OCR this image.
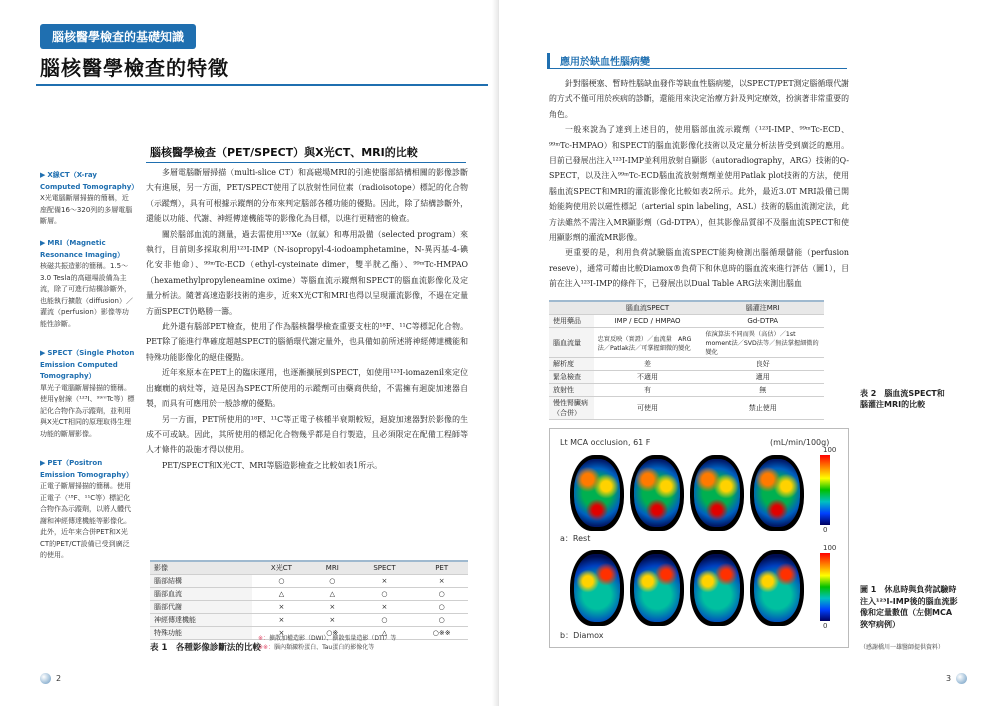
腦核醫學檢查的基礎知識
腦核醫學檢查的特徵
▶ X線CT（X-ray Computed Tomography）
X光電腦斷層掃描的簡稱，近座配備16～320列的多層電腦斷層。
▶ MRI（Magnetic Resonance Imaging）
核磁共振造影的簡稱。1.5～3.0 Tesla的高磁場設備為主流，除了可進行結構診斷外，也能執行擴散（diffusion）／灌流（perfusion）影像等功能性診斷。
▶ SPECT（Single Photon Emission Computed Tomography）
單光子電腦斷層掃描的簡稱。使用γ射線（¹²³I、⁹⁹ᵐTc等）標記化合物作為示蹤劑，並利用與X光CT相同的原理取得生理功能的斷層影像。
▶ PET（Positron Emission Tomography）
正電子斷層掃描的簡稱。使用正電子（¹⁸F、¹¹C等）標記化合物作為示蹤劑，以將人體代謝和神經傳達機能等影像化。此外，近年來合併PET和X光CT的PET/CT設備已受到廣泛的使用。
腦核醫學檢查（PET/SPECT）與X光CT、MRI的比較

多層電腦斷層掃描（multi-slice CT）和高磁場MRI的引進使腦部結構相關的影像診斷大有進展，另一方面，PET/SPECT使用了以放射性同位素（radioisotope）標記的化合物（示蹤劑），具有可根據示蹤劑的分布來判定腦部各種功能的優點。因此，除了結構診斷外，還能以功能、代謝、神經傳達機能等的影像化為目標，以進行更精密的檢查。

關於腦部血流的測量，過去需使用¹³³Xe（氙氣）和專用設備（selected program）來執行，目前則多採取利用¹²³I-IMP（N-isopropyl-4-iodoamphetamine，N-異丙基-4-碘化安非他命）、⁹⁹ᵐTc-ECD（ethyl-cysteinate dimer，雙半胱乙酯）、⁹⁹ᵐTc-HMPAO（hexamethylpropyleneamine oxime）等腦血流示蹤劑和SPECT的腦血流影像化及定量分析法。隨著高速造影技術的進步，近來X光CT和MRI也得以呈現灌流影像，不過在定量方面SPECT仍略勝一籌。

此外還有腦部PET檢查，使用了作為腦核醫學檢查重要支柱的¹⁸F、¹¹C等標記化合物。PET除了能進行準確度超越SPECT的腦循環代謝定量外，也具備如前所述將神經傳達機能和特殊功能影像化的絕佳優點。

近年來原本在PET上的臨床運用，也逐漸擴展到SPECT，如使用¹²³I-iomazenil來定位出癲癇的病灶等，這是因為SPECT所使用的示蹤劑可由藥商供給，不需擁有迴旋加速器自製，而具有可應用於一般診療的優點。

另一方面，PET所使用的¹⁸F、¹¹C等正電子核種半衰期較短，迴旋加速器對於影像的生成不可或缺。因此，其所使用的標記化合物幾乎都是自行製造，且必須限定在配備工程師等人才條件的設施才得以使用。

PET/SPECT和X光CT、MRI等腦造影檢查之比較如表1所示。

影像	X光CT	MRI	SPECT	PET
腦部結構	○	○	×	×
腦部血流	△	△	○	○
腦部代謝	×	×	×	○
神經傳達機能	×	×	○	○
特殊功能	×	○※	△	○※※
※：擴散加權造影（DWI）、擴散張量造影（DTI）等
※※：腦內類澱粉蛋白、Tau蛋白的影像化等
表 1　各種影像診斷法的比較
2	3
應用於缺血性腦病變

針對腦梗塞、暫時性腦缺血發作等缺血性腦病變，以SPECT/PET測定腦循環代謝的方式不僅可用於疾病的診斷，還能用來決定治療方針及判定療效，扮演著非常重要的角色。

一般來說為了達到上述目的，使用腦部血流示蹤劑（¹²³I-IMP、⁹⁹ᵐTc-ECD、⁹⁹ᵐTc-HMPAO）和SPECT的腦血流影像化技術以及定量分析法皆受到廣泛的應用。目前已發展出注入¹²³I-IMP並利用放射自顯影（autoradiography，ARG）技術的Q-SPECT，以及注入⁹⁹ᵐTc-ECD腦血流放射劑劑並使用Patlak plot技術的方法，使用腦血流SPECT和MRI的灌流影像化比較如表2所示。此外，最近3.0T MRI設備已開始能夠使用於以磁性標記（arterial spin labeling，ASL）技術的腦血流測定法，此方法雖然不需注入MR顯影劑（Gd-DTPA），但其影像品質卻不及腦血流SPECT和使用顯影劑的灌流MR影像。

更重要的是，利用負荷試驗腦血流SPECT能夠檢測出腦循環儲能（perfusion reseve），通常可藉由比較Diamox®負荷下和休息時的腦血流來進行評估（圖1），目前在注入¹²³I-IMP的條件下，已發展出以Dual Table ARG法來測出腦血

	腦血流SPECT	腦灌注MRI
使用藥品	IMP / ECD / HMPAO	Gd-DTPA
腦血流量	忠實反映（實證）／血流量　ARG法／Patlak法／可掌握細微的變化	依演算法不同而異（高估）／1st moment法／SVD法等／無法掌握細微的變化
解析度	差	良好
緊急檢查	不適用	適用
放射性	有	無
慢性腎臟病（合併）	可使用	禁止使用
表 2　腦血流SPECT和腦灌注MRI的比較
Lt MCA occlusion, 61 F	(mL/min/100g)
100
0
a：Rest
100
0
b：Diamox
圖 1　休息時與負荷試驗時注入¹²³I-IMP後的腦血流影像和定量數值（左側MCA狹窄病例）
（感謝橋川一雄醫師提供資料）
